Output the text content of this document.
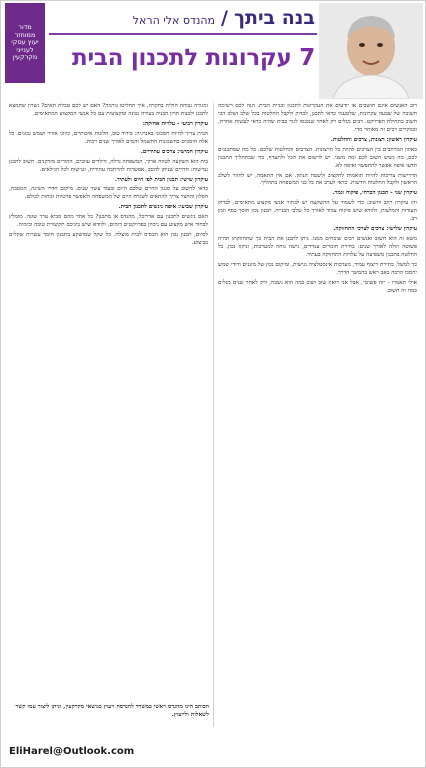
בנה ביתך
/
מהנדס אלי הראל
7 עקרונות לתכנון הבית
מדור
ממוחזר
יעוץ עסקי
לענייני
מקרקעין

רוב האנשים אינם חושבים או יודעים את העקרונות לתכנון ובניית הבית. הנה לכם רשימה חשובה של שבעה עקרונות, שלטעמי כדאי לתכנן, לבדוק ולקבל החלטות בכל שלב ושלב הכי חשוב בתחילת הפרויקט. רבים מגלים רק לאחר שנכנסו לגור בבית שהיה כדאי לעשות אחרת, ובמקרים רבים זה מאוחר מדי.

עיקרון ראשון: רצונות, צרכים והחלטות.

באיזון המרחבים בין הצרכים להוות כל הרצונות. הצרכים והחלטות שלכם. כל מה שמתכננים לכם, מה ממש חשוב לכם ומה משני. יש לרשום את הכל ולתעדף, כדי שבתהליך התכנון תדעו איפה אפשר להתפשר ואיפה לא.

הדרישות צריכות להיות תואמות לתקציב ולשטח הנתון. אם אין התאמה, יש לחזור לשלב הראשון ולקבל החלטות חדשות. כדאי לערב את כל בני המשפחה בתהליך.

עיקרון שני - תכנון הכרחי, פיקוח וגמר.

זהו עיקרון רחב וחשוב: כדי לשמור על ההשקעה יש לבחור אנשי מקצוע מתאימים, לבדוק תעודות והמלצות, ולוודא שיש פיקוח צמוד לאורך כל שלבי הבנייה. תכנון נכון חוסך כסף וזמן רב.

עיקרון שלישי: צרכים לצרכי התחזוקה.

נושא זה הוא חשוב ואנשים רבים שוכחים ממנו. ניתן לתכנן את הבית כך שתחזוקתו תהיה פשוטה וזולה לאורך שנים: בחירת חומרים עמידים, גישה נוחה למערכות, וניקוז נכון. כל החלטה בתכנון משפיעה על עלויות התחזוקה בעתיד.

כך למשל, בחירת ריצוף עמיד, מערכות אינסטלציה נגישות, ומיקום נכון של מזגנים ודודי שמש יחסכו הרבה כאב ראש בהמשך הדרך.

אולי תאמרו - ״זה פשוט״, אבל אני רואה שוב ושוב כמה הוא נשכח, ורק לאחר שנים מגלים כמה זה חשוב.

ומגורה גבוהה הולית בחקרה, איך תחליטו נורמה? האם יש לכם טבלת תאים? גשרון שתמצא לתכנן ולבנות תרון הבניה בצורה נכונה ומקצועית עם כל אנשי המקצוע המתאימים.

עיקרון רביעי - עלויות אחזקה:

הבית צריך להיות חסכוני באנרגיה: בידוד טוב, חלונות איכותיים, כיווני אוויר ושמש נכונים. כל אלה חוסכים בחשבונות החשמל והמים לאורך שנים רבות.

עיקרון חמישי: צרכים עתידיים.

בית הוא השקעה לטווח ארוך. המשפחה גדלה, הילדים עוזבים, ההורים מזדקנים. חשוב לתכנן גמישות: חדרים שניתן להסב, אפשרות להרחבה עתידית, ונגישות לכל הגילאים.

עיקרון שישי: תכנון הבית לפי היום ולעתיד.

כדאי לחשוב על סגנון החיים שלכם היום ובעוד עשר שנים. מיקום חדרי השינה, המטבח, הסלון והחצר צריך להתאים לשגרת היום של המשפחה ולאפשר פרטיות ונוחות לכולם.

עיקרון שביעי: איפה ניגשים לתכנון הבית.

האם ניגשים לתכנון עם אדריכל, מהנדס או מתכנן? כל אחד מהם מביא ערך שונה. מומלץ לבחור איש מקצוע עם ניסיון בפרויקטים דומים, ולוודא שיש ביניכם תקשורת טובה וכימיה.

לסיום, תכנון נכון הוא הבסיס לבית מוצלח. כל שקל שמושקע בתכנון חוסך עשרות שקלים בביצוע.

הכותב הינו מהנדס ראשי במשרד להנדסה ויעוץ בנושאי מקרקעין, וניתן ליצור עמו קשר לשאלות ולייעוץ.
EliHarel@Outlook.com
